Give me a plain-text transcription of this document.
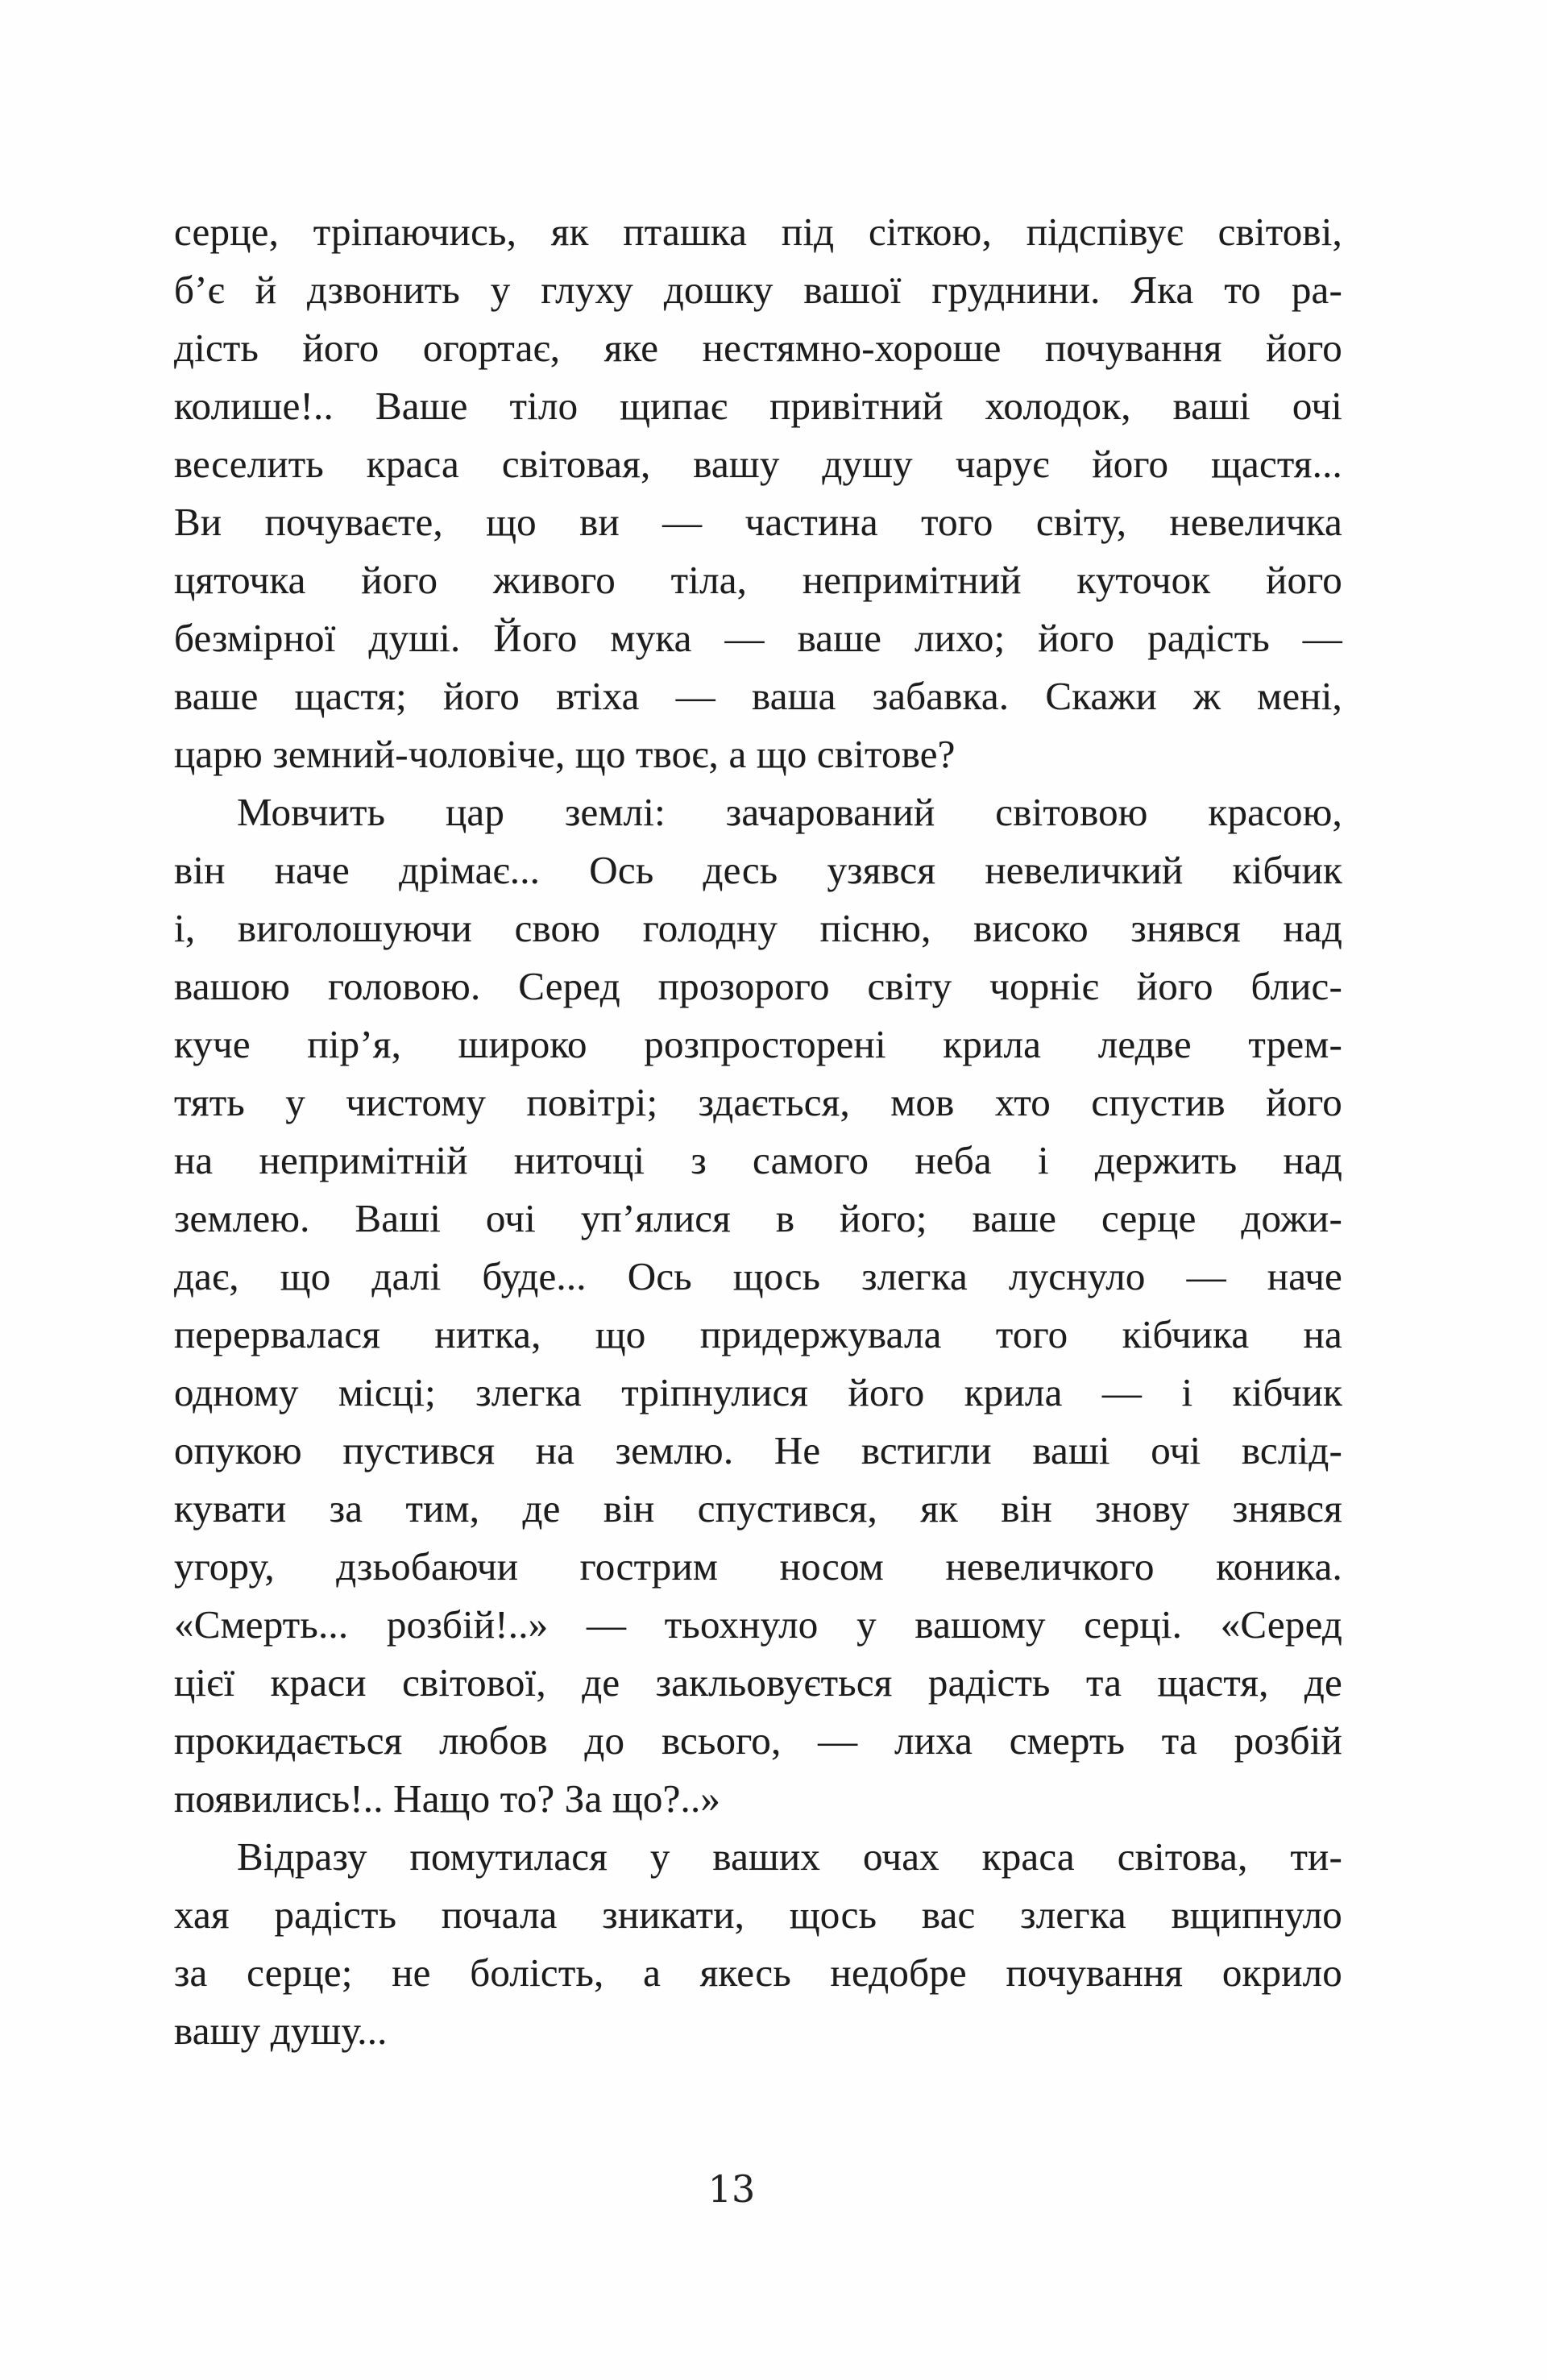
серце, тріпаючись, як пташка під сіткою, підспівує світові,
б’є й дзвонить у глуху дошку вашої груднини. Яка то ра-
дість його огортає, яке нестямно-хороше почування його
колише!.. Ваше тіло щипає привітний холодок, ваші очі
веселить краса світовая, вашу душу чарує його щастя...
Ви почуваєте, що ви — частина того світу, невеличка
цяточка його живого тіла, непримітний куточок його
безмірної душі. Його мука — ваше лихо; його радість —
ваше щастя; його втіха — ваша забавка. Скажи ж мені,
царю земний-чоловіче, що твоє, а що світове?
Мовчить цар землі: зачарований світовою красою,
він наче дрімає... Ось десь узявся невеличкий кібчик
і, виголошуючи свою голодну пісню, високо знявся над
вашою головою. Серед прозорого світу чорніє його блис-
куче пір’я, широко розпросторені крила ледве трем-
тять у чистому повітрі; здається, мов хто спустив його
на непримітній ниточці з самого неба і держить над
землею. Ваші очі уп’ялися в його; ваше серце дожи-
дає, що далі буде... Ось щось злегка луснуло — наче
перервалася нитка, що придержувала того кібчика на
одному місці; злегка тріпнулися його крила — і кібчик
опукою пустився на землю. Не встигли ваші очі вслід-
кувати за тим, де він спустився, як він знову знявся
угору, дзьобаючи гострим носом невеличкого коника.
«Смерть... розбій!..» — тьохнуло у вашому серці. «Серед
цієї краси світової, де закльовується радість та щастя, де
прокидається любов до всього, — лиха смерть та розбій
появились!.. Нащо то? За що?..»
Відразу помутилася у ваших очах краса світова, ти-
хая радість почала зникати, щось вас злегка вщипнуло
за серце; не болість, а якесь недобре почування окрило
вашу душу...
13
